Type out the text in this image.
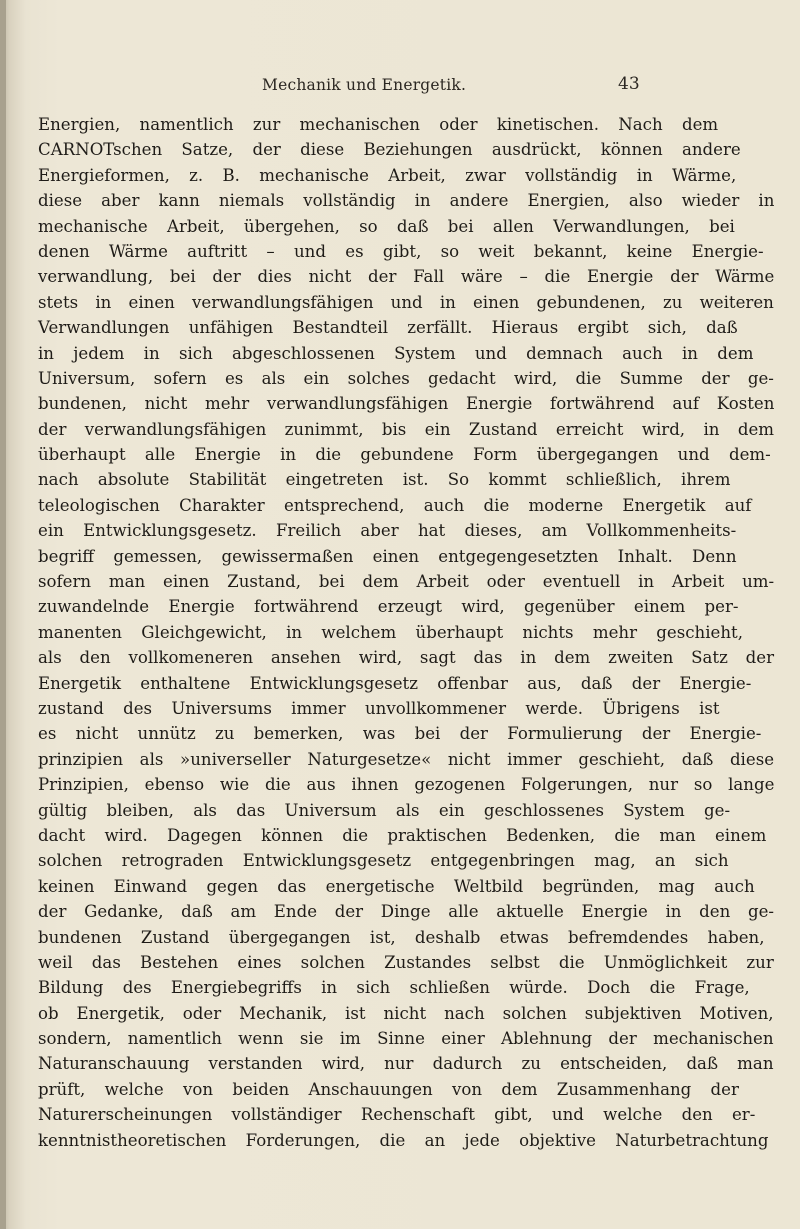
Mechanik und Energetik.	43
Energien, namentlich zur mechanischen oder kinetischen. Nach dem
CARNOTschen Satze, der diese Beziehungen ausdrückt, können andere
Energieformen, z. B. mechanische Arbeit, zwar vollständig in Wärme,
diese aber kann niemals vollständig in andere Energien, also wieder in
mechanische Arbeit, übergehen, so daß bei allen Verwandlungen, bei
denen Wärme auftritt – und es gibt, so weit bekannt, keine Energie-
verwandlung, bei der dies nicht der Fall wäre – die Energie der Wärme
stets in einen verwandlungsfähigen und in einen gebundenen, zu weiteren
Verwandlungen unfähigen Bestandteil zerfällt. Hieraus ergibt sich, daß
in jedem in sich abgeschlossenen System und demnach auch in dem
Universum, sofern es als ein solches gedacht wird, die Summe der ge-
bundenen, nicht mehr verwandlungsfähigen Energie fortwährend auf Kosten
der verwandlungsfähigen zunimmt, bis ein Zustand erreicht wird, in dem
überhaupt alle Energie in die gebundene Form übergegangen und dem-
nach absolute Stabilität eingetreten ist. So kommt schließlich, ihrem
teleologischen Charakter entsprechend, auch die moderne Energetik auf
ein Entwicklungsgesetz. Freilich aber hat dieses, am Vollkommenheits-
begriff gemessen, gewissermaßen einen entgegengesetzten Inhalt. Denn
sofern man einen Zustand, bei dem Arbeit oder eventuell in Arbeit um-
zuwandelnde Energie fortwährend erzeugt wird, gegenüber einem per-
manenten Gleichgewicht, in welchem überhaupt nichts mehr geschieht,
als den vollkomeneren ansehen wird, sagt das in dem zweiten Satz der
Energetik enthaltene Entwicklungsgesetz offenbar aus, daß der Energie-
zustand des Universums immer unvollkommener werde. Übrigens ist
es nicht unnütz zu bemerken, was bei der Formulierung der Energie-
prinzipien als »universeller Naturgesetze« nicht immer geschieht, daß diese
Prinzipien, ebenso wie die aus ihnen gezogenen Folgerungen, nur so lange
gültig bleiben, als das Universum als ein geschlossenes System ge-
dacht wird. Dagegen können die praktischen Bedenken, die man einem
solchen retrograden Entwicklungsgesetz entgegenbringen mag, an sich
keinen Einwand gegen das energetische Weltbild begründen, mag auch
der Gedanke, daß am Ende der Dinge alle aktuelle Energie in den ge-
bundenen Zustand übergegangen ist, deshalb etwas befremdendes haben,
weil das Bestehen eines solchen Zustandes selbst die Unmöglichkeit zur
Bildung des Energiebegriffs in sich schließen würde. Doch die Frage,
ob Energetik, oder Mechanik, ist nicht nach solchen subjektiven Motiven,
sondern, namentlich wenn sie im Sinne einer Ablehnung der mechanischen
Naturanschauung verstanden wird, nur dadurch zu entscheiden, daß man
prüft, welche von beiden Anschauungen von dem Zusammenhang der
Naturerscheinungen vollständiger Rechenschaft gibt, und welche den er-
kenntnistheoretischen Forderungen, die an jede objektive Naturbetrachtung
